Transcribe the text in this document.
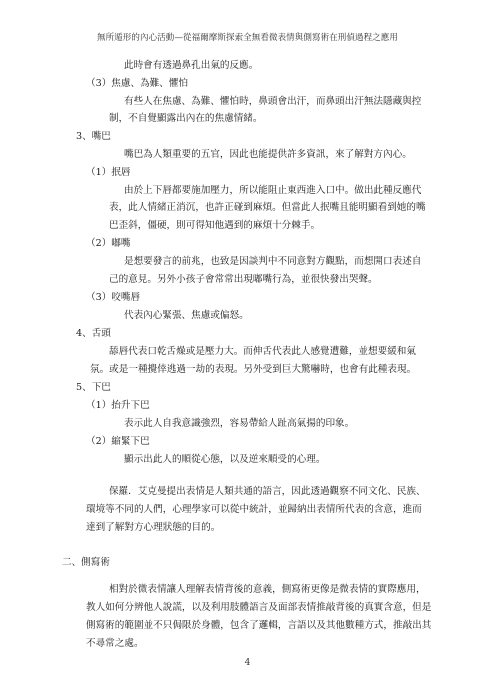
無所遁形的內心活動—從福爾摩斯探索全無看微表情與側寫術在刑偵過程之應用
此時會有透過鼻孔出氣的反應。
（3）焦慮、為難、懼怕
有些人在焦慮、為難、懼怕時，鼻頭會出汗，而鼻頭出汗無法隱藏與控
制，不自覺顯露出內在的焦慮情緒。
3、嘴巴
嘴巴為人類重要的五官，因此也能提供許多資訊，來了解對方內心。
（1）抿唇
由於上下唇都要施加壓力，所以能阻止東西進入口中。做出此種反應代
表，此人情緒正消沉，也許正碰到麻煩。但當此人抿嘴且能明顯看到她的嘴
巴歪斜，僵硬，則可得知他遇到的麻煩十分棘手。
（2）嘟嘴
是想要發言的前兆，也致是因談判中不同意對方觀點，而想開口表述自
己的意見。另外小孩子會常常出現嘟嘴行為，並很快發出哭聲。
（3）咬嘴唇
代表內心緊張、焦慮或偏怒。
4、舌頭
舔唇代表口乾舌燥或是壓力大。而伸舌代表此人感覺遭難，並想要緩和氣
氛。或是一種攪倖逃過一劫的表現。另外受到巨大驚嚇時，也會有此種表現。
5、下巴
（1）抬升下巴
表示此人自我意識強烈，容易帶給人趾高氣揚的印象。
（2）縮緊下巴
顯示出此人的順從心態，以及逆來順受的心理。
保羅．艾克曼提出表情是人類共通的語言，因此透過觀察不同文化、民族、
環境等不同的人們，心理學家可以從中統計，並歸納出表情所代表的含意，進而
達到了解對方心理狀態的目的。
二、側寫術
相對於微表情讓人理解表情背後的意義，側寫術更像是微表情的實際應用，
教人如何分辨他人說謊，以及利用肢體語言及面部表情推敲背後的真實含意，但是
側寫術的範圍並不只侷限於身體，包含了邏輯，言語以及其他數種方式，推敲出其
不尋常之處。
4
